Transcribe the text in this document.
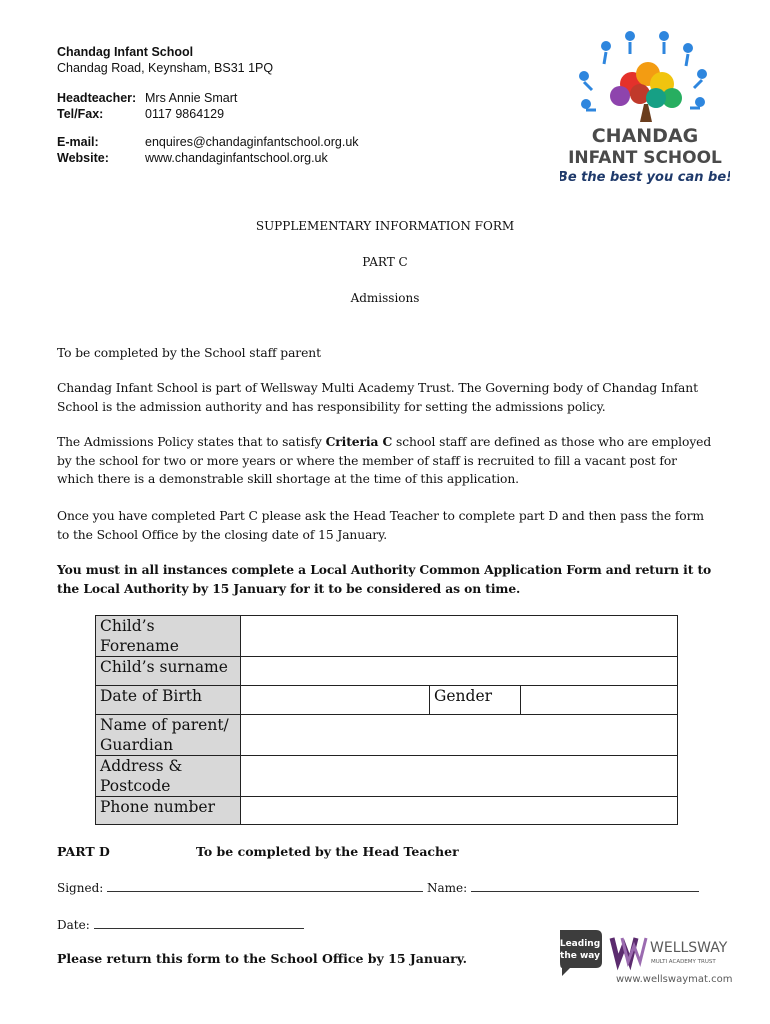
Chandag Infant School
Chandag Road, Keynsham, BS31 1PQ
Headteacher: Mrs Annie Smart
Tel/Fax:	0117 9864129
E-mail:	enquires@chandaginfantschool.org.uk
Website:	www.chandaginfantschool.org.uk
CHANDAG
INFANT SCHOOL
Be the best you can be!
SUPPLEMENTARY INFORMATION FORM
PART C
Admissions
To be completed by the School staff parent
Chandag Infant School is part of Wellsway Multi Academy Trust. The Governing body of Chandag Infant School is the admission authority and has responsibility for setting the admissions policy.
The Admissions Policy states that to satisfy Criteria C school staff are defined as those who are employed by the school for two or more years or where the member of staff is recruited to fill a vacant post for which there is a demonstrable skill shortage at the time of this application.
Once you have completed Part C please ask the Head Teacher to complete part D and then pass the form to the School Office by the closing date of 15 January.
You must in all instances complete a Local Authority Common Application Form and return it to the Local Authority by 15 January for it to be considered as on time.
Child’s Forename			
Child’s surname			
Date of Birth		Gender	
Name of parent/ Guardian			
Address & Postcode			
Phone number			
PART D	To be completed by the Head Teacher
Signed:	Name:
Date:
Please return this form to the School Office by 15 January.
Leading
the way	WELLSWAY
MULTI ACADEMY TRUST
www.wellswaymat.com
